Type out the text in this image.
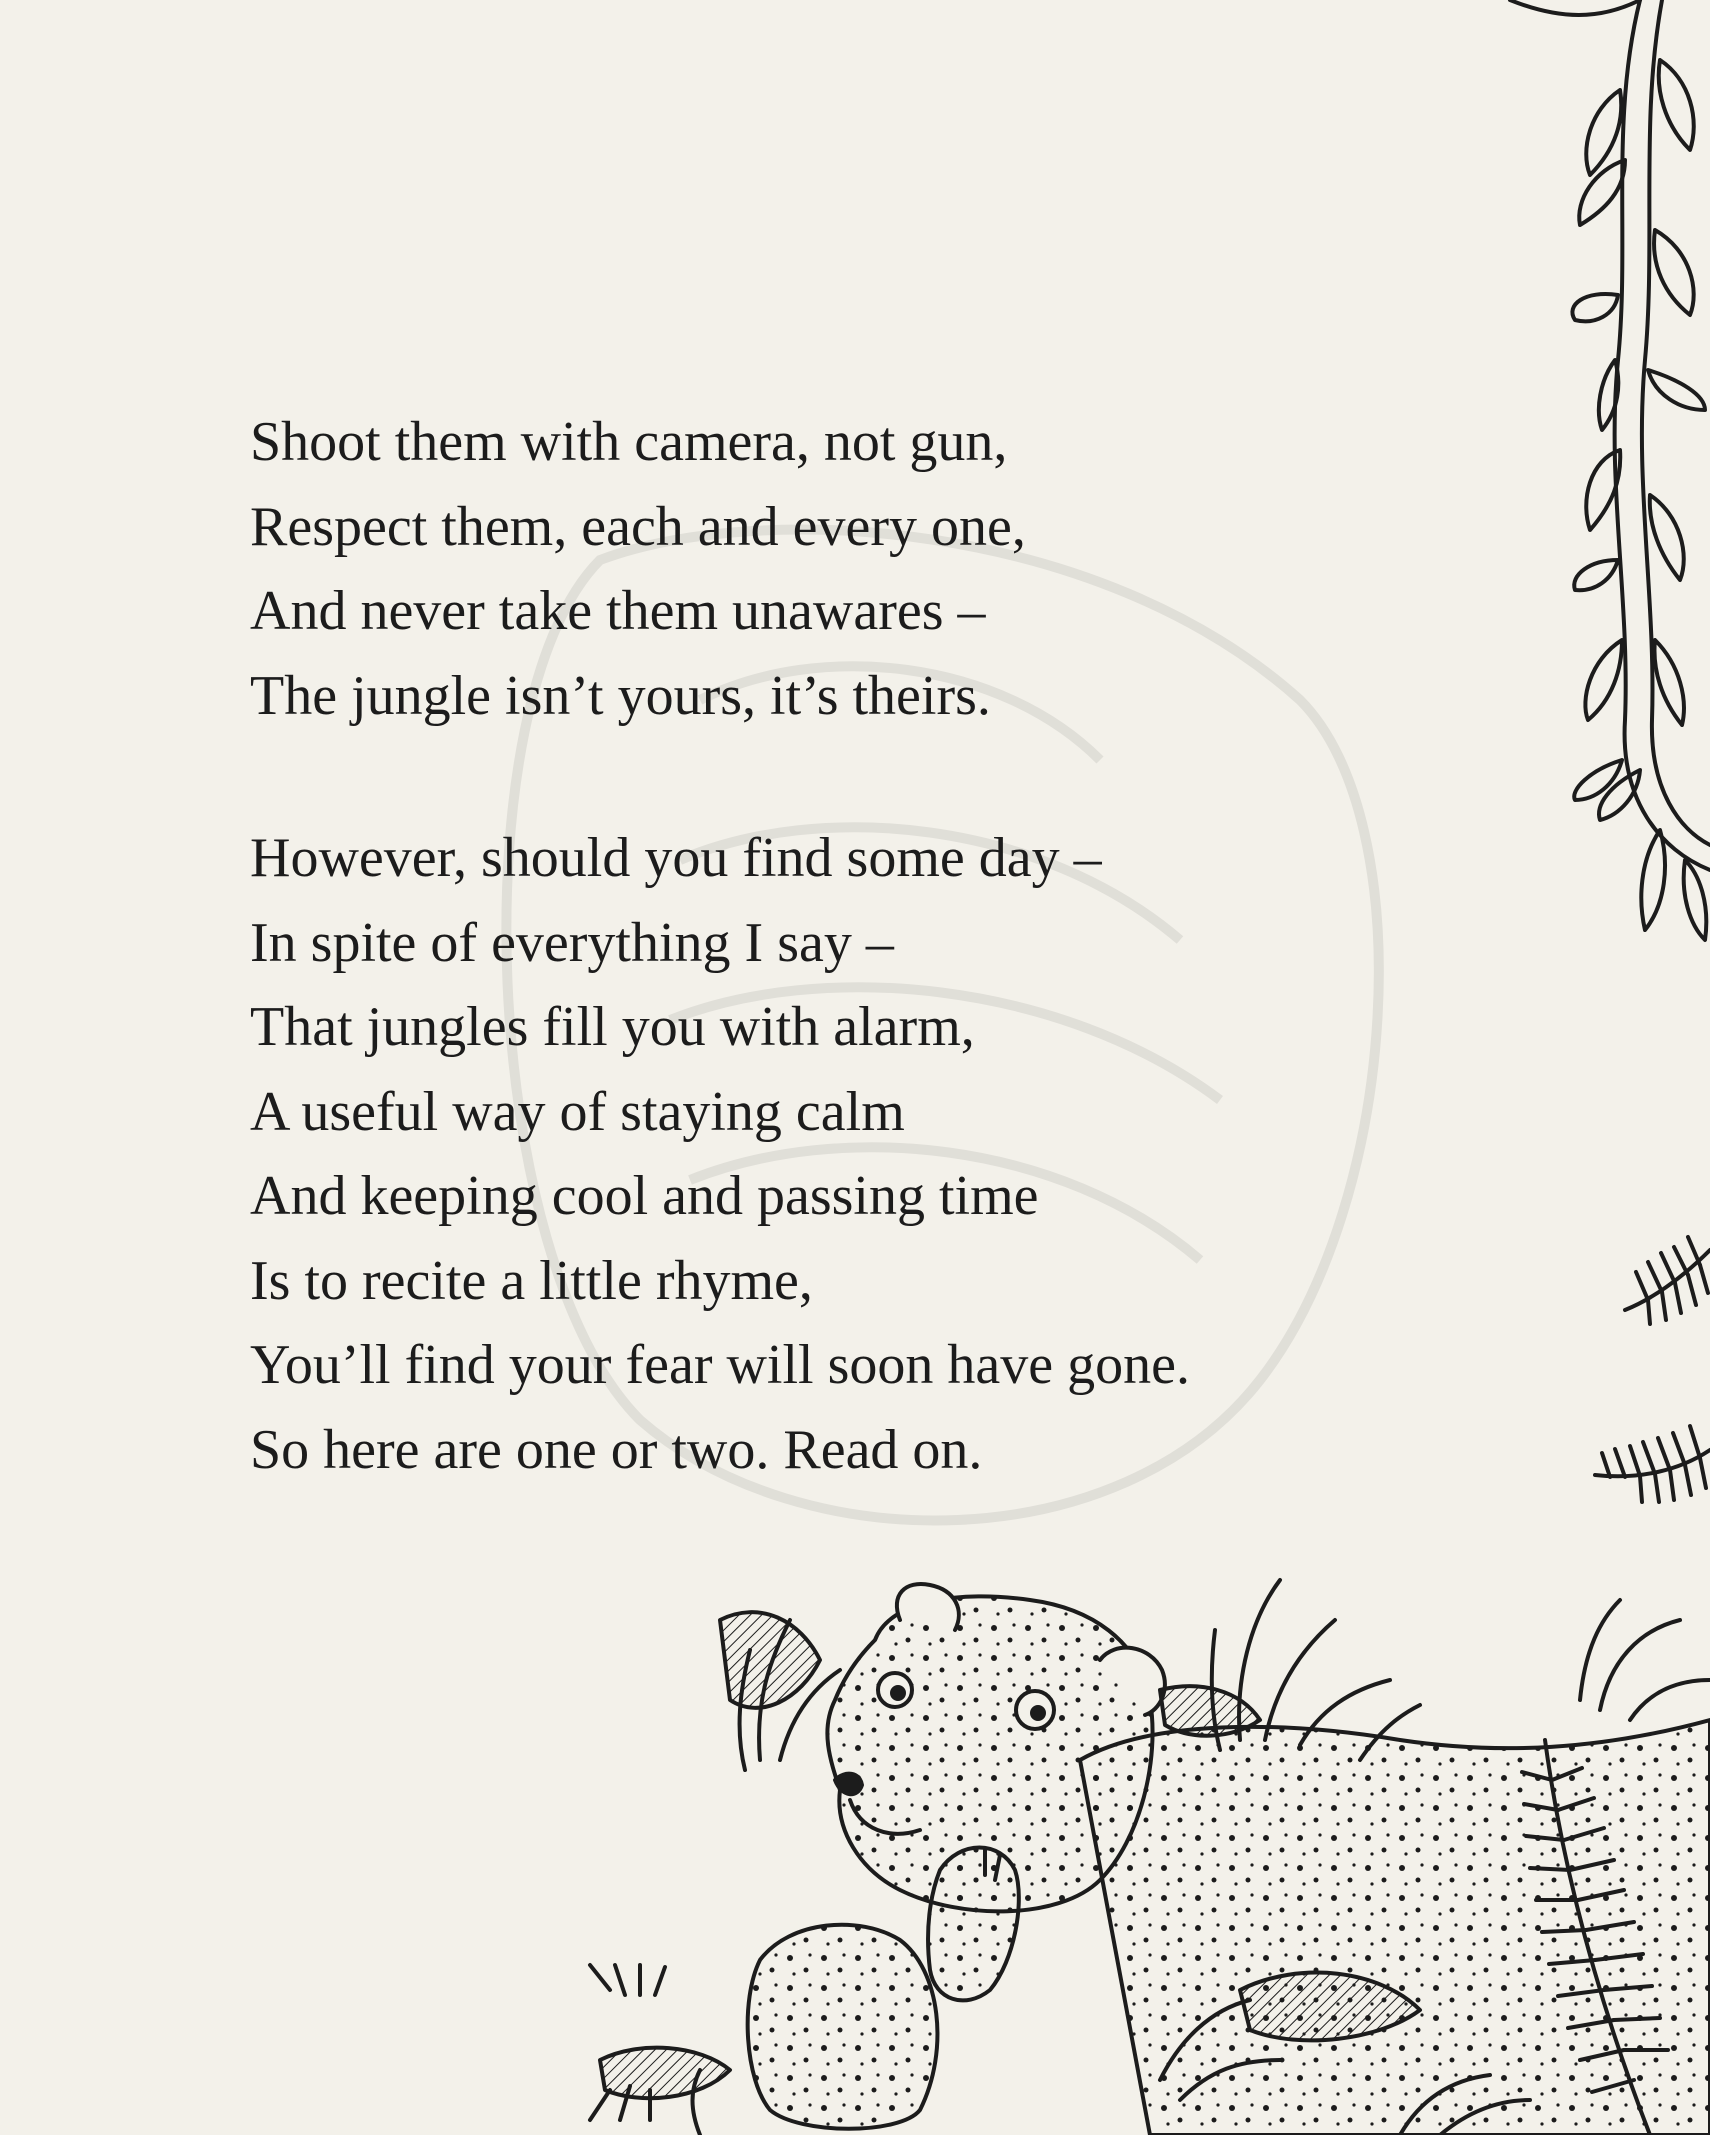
Shoot them with camera, not gun,
Respect them, each and every one,
And never take them unawares –
The jungle isn’t yours, it’s theirs.
However, should you find some day –
In spite of everything I say –
That jungles fill you with alarm,
A useful way of staying calm
And keeping cool and passing time
Is to recite a little rhyme,
You’ll find your fear will soon have gone.
So here are one or two. Read on.
